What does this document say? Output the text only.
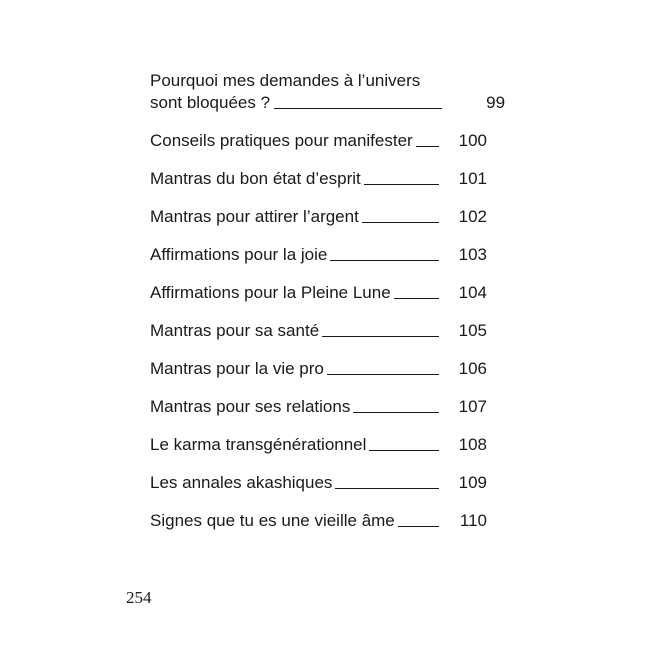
Pourquoi mes demandes à l’univers
sont bloquées ?	99
Conseils pratiques pour manifester	100
Mantras du bon état d’esprit	101
Mantras pour attirer l’argent	102
Affirmations pour la joie	103
Affirmations pour la Pleine Lune	104
Mantras pour sa santé	105
Mantras pour la vie pro	106
Mantras pour ses relations	107
Le karma transgénérationnel	108
Les annales akashiques	109
Signes que tu es une vieille âme	110
254
